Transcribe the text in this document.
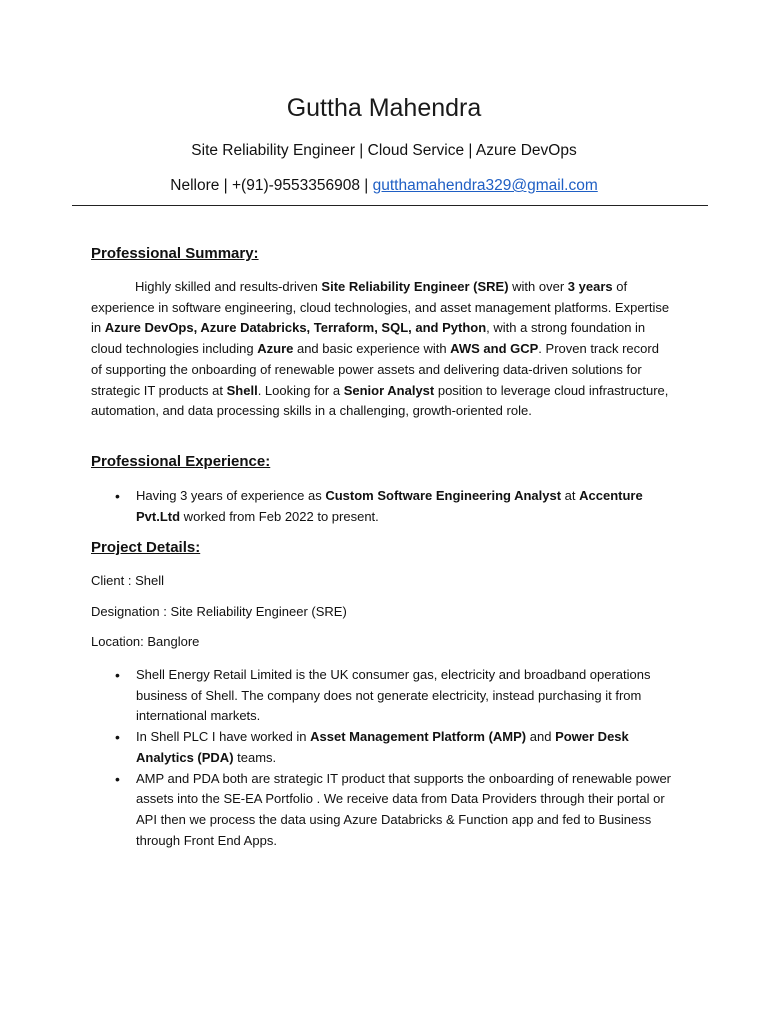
Guttha Mahendra
Site Reliability Engineer | Cloud Service | Azure DevOps
Nellore | +(91)-9553356908 | gutthamahendra329@gmail.com
Professional Summary:

Highly skilled and results-driven Site Reliability Engineer (SRE) with over 3 years of experience in software engineering, cloud technologies, and asset management platforms. Expertise in Azure DevOps, Azure Databricks, Terraform, SQL, and Python, with a strong foundation in cloud technologies including Azure and basic experience with AWS and GCP. Proven track record of supporting the onboarding of renewable power assets and delivering data-driven solutions for strategic IT products at Shell. Looking for a Senior Analyst position to leverage cloud infrastructure, automation, and data processing skills in a challenging, growth-oriented role.

Professional Experience:
• Having 3 years of experience as Custom Software Engineering Analyst at Accenture Pvt.Ltd worked from Feb 2022 to present.
Project Details:
Client : Shell
Designation : Site Reliability Engineer (SRE)
Location: Banglore
• Shell Energy Retail Limited is the UK consumer gas, electricity and broadband operations business of Shell. The company does not generate electricity, instead purchasing it from international markets.
• In Shell PLC I have worked in Asset Management Platform (AMP) and Power Desk Analytics (PDA) teams.
• AMP and PDA both are strategic IT product that supports the onboarding of renewable power assets into the SE-EA Portfolio . We receive data from Data Providers through their portal or API then we process the data using Azure Databricks & Function app and fed to Business through Front End Apps.
